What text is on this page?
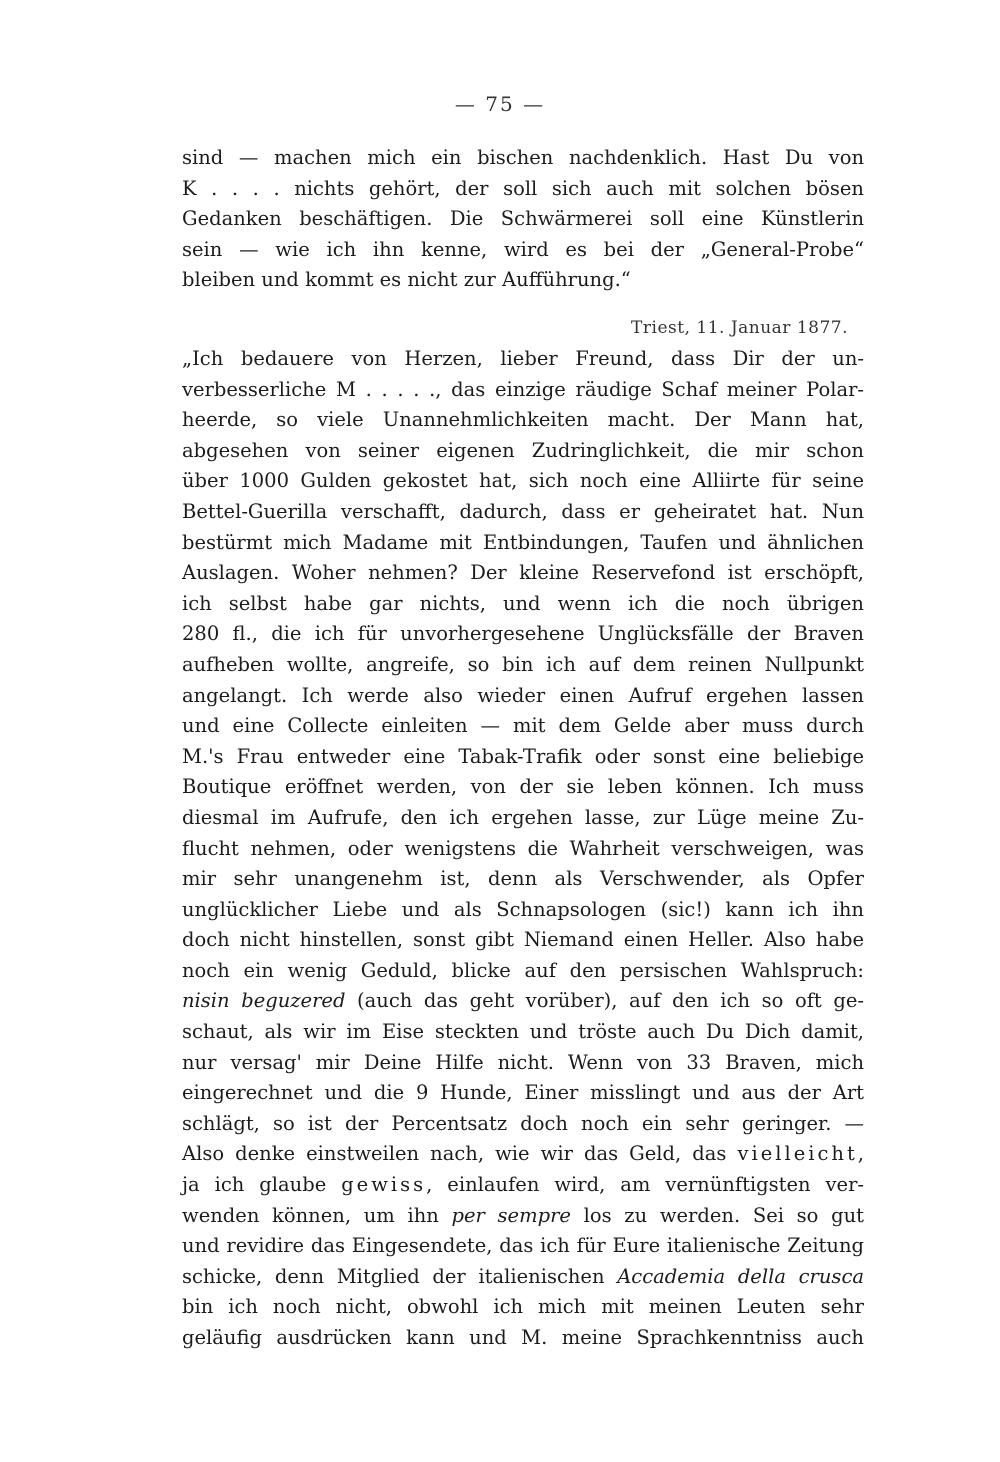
— 75 —
sind — machen mich ein bischen nachdenklich. Hast Du von
K . . . . nichts gehört, der soll sich auch mit solchen bösen
Gedanken beschäftigen. Die Schwärmerei soll eine Künstlerin
sein — wie ich ihn kenne, wird es bei der „General-Probe“
bleiben und kommt es nicht zur Aufführung.“
Triest, 11. Januar 1877.
„Ich bedauere von Herzen, lieber Freund, dass Dir der un-
verbesserliche M . . . . ., das einzige räudige Schaf meiner Polar-
heerde, so viele Unannehmlichkeiten macht. Der Mann hat,
abgesehen von seiner eigenen Zudringlichkeit, die mir schon
über 1000 Gulden gekostet hat, sich noch eine Alliirte für seine
Bettel-Guerilla verschafft, dadurch, dass er geheiratet hat. Nun
bestürmt mich Madame mit Entbindungen, Taufen und ähnlichen
Auslagen. Woher nehmen? Der kleine Reservefond ist erschöpft,
ich selbst habe gar nichts, und wenn ich die noch übrigen
280 fl., die ich für unvorhergesehene Unglücksfälle der Braven
aufheben wollte, angreife, so bin ich auf dem reinen Nullpunkt
angelangt. Ich werde also wieder einen Aufruf ergehen lassen
und eine Collecte einleiten — mit dem Gelde aber muss durch
M.'s Frau entweder eine Tabak-Trafik oder sonst eine beliebige
Boutique eröffnet werden, von der sie leben können. Ich muss
diesmal im Aufrufe, den ich ergehen lasse, zur Lüge meine Zu-
flucht nehmen, oder wenigstens die Wahrheit verschweigen, was
mir sehr unangenehm ist, denn als Verschwender, als Opfer
unglücklicher Liebe und als Schnapsologen (sic!) kann ich ihn
doch nicht hinstellen, sonst gibt Niemand einen Heller. Also habe
noch ein wenig Geduld, blicke auf den persischen Wahlspruch:
nisin beguzered (auch das geht vorüber), auf den ich so oft ge-
schaut, als wir im Eise steckten und tröste auch Du Dich damit,
nur versag' mir Deine Hilfe nicht. Wenn von 33 Braven, mich
eingerechnet und die 9 Hunde, Einer misslingt und aus der Art
schlägt, so ist der Percentsatz doch noch ein sehr geringer. —
Also denke einstweilen nach, wie wir das Geld, das vielleicht,
ja ich glaube gewiss, einlaufen wird, am vernünftigsten ver-
wenden können, um ihn per sempre los zu werden. Sei so gut
und revidire das Eingesendete, das ich für Eure italienische Zeitung
schicke, denn Mitglied der italienischen Accademia della crusca
bin ich noch nicht, obwohl ich mich mit meinen Leuten sehr
geläufig ausdrücken kann und M. meine Sprachkenntniss auch
